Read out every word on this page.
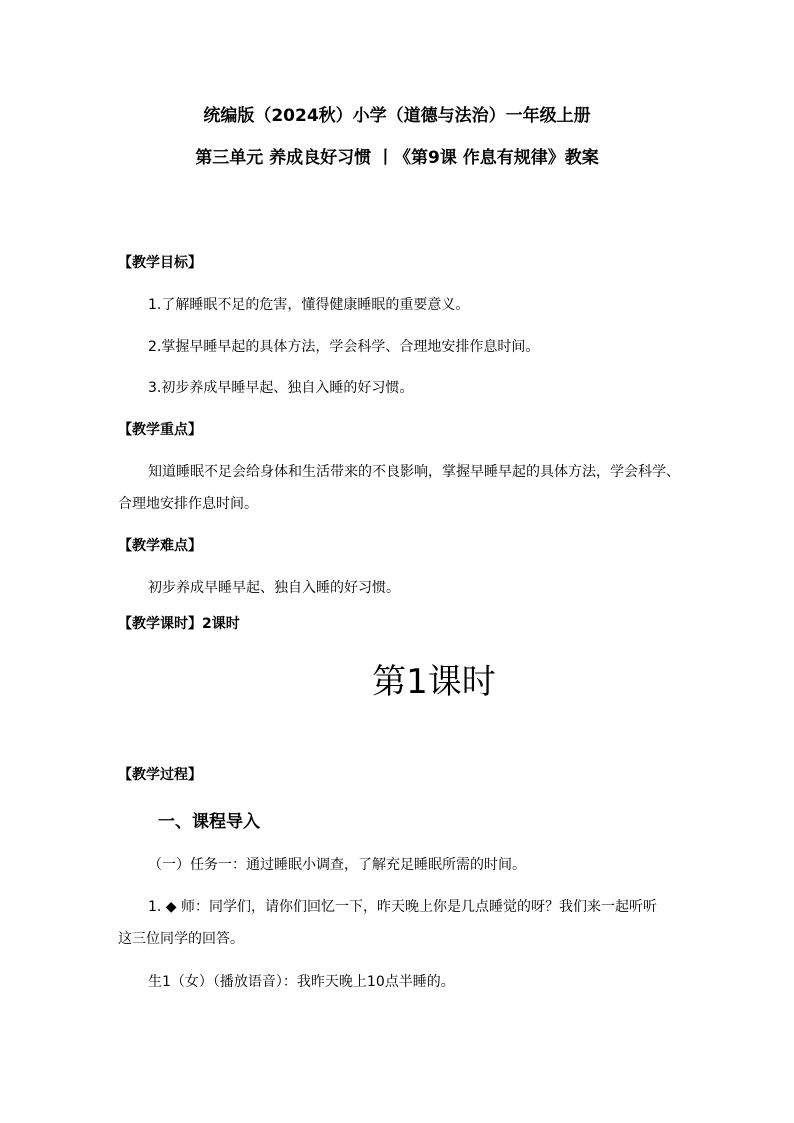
统编版（2024秋）小学（道德与法治）一年级上册
第三单元 养成良好习惯 丨《第9课 作息有规律》教案
【教学目标】
1.了解睡眠不足的危害，懂得健康睡眠的重要意义。
2.掌握早睡早起的具体方法，学会科学、合理地安排作息时间。
3.初步养成早睡早起、独自入睡的好习惯。
【教学重点】
知道睡眠不足会给身体和生活带来的不良影响，掌握早睡早起的具体方法，学会科学、
合理地安排作息时间。
【教学难点】
初步养成早睡早起、独自入睡的好习惯。
【教学课时】2课时
第1课时
【教学过程】
一、课程导入
（一）任务一：通过睡眠小调查，了解充足睡眠所需的时间。
1. ◆ 师：同学们，请你们回忆一下，昨天晚上你是几点睡觉的呀？我们来一起听听
这三位同学的回答。
生1（女）（播放语音）：我昨天晚上10点半睡的。
